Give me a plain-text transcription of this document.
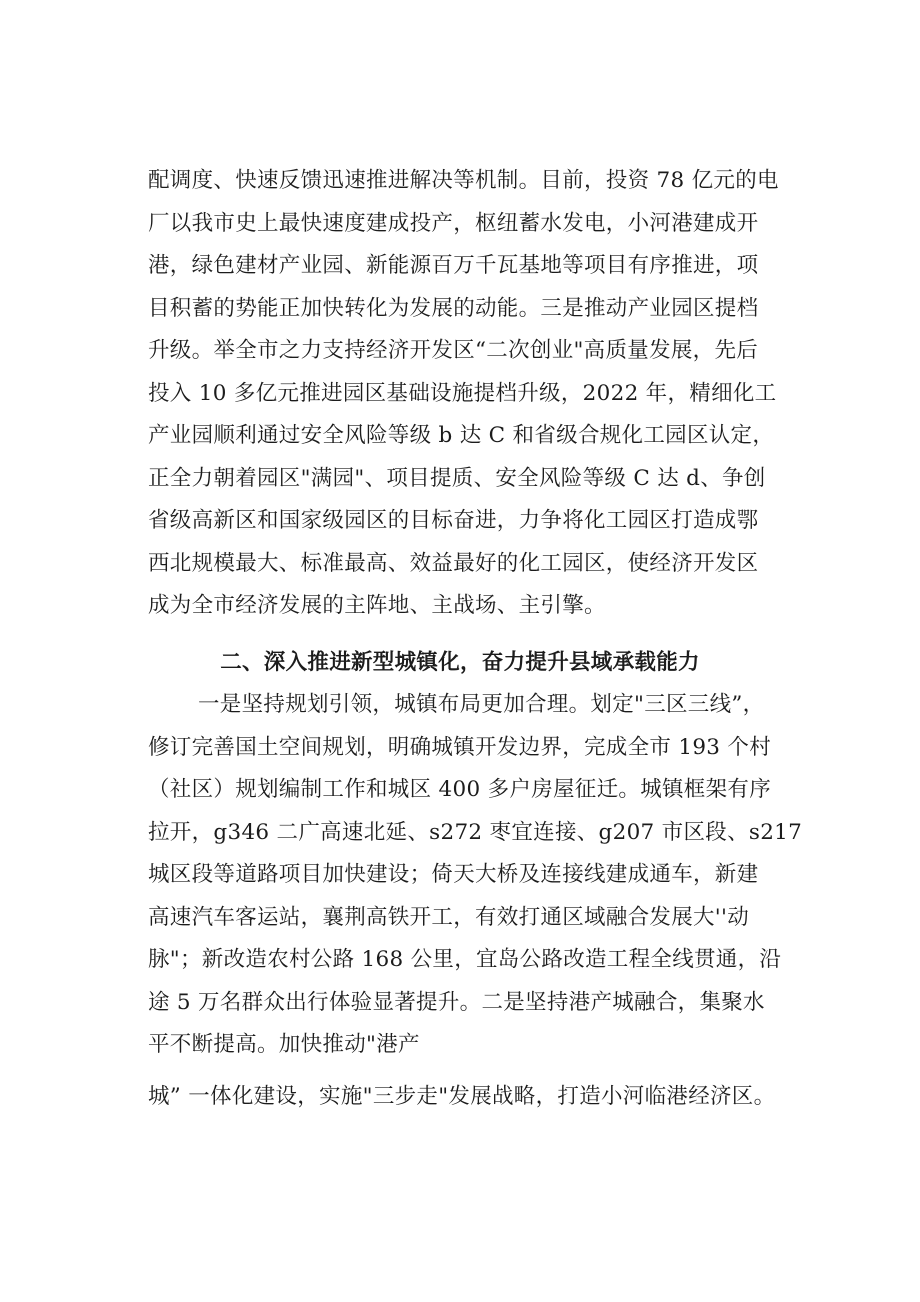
配调度、快速反馈迅速推进解决等机制。目前，投资 78 亿元的电
厂以我市史上最快速度建成投产，枢纽蓄水发电，小河港建成开
港，绿色建材产业园、新能源百万千瓦基地等项目有序推进，项
目积蓄的势能正加快转化为发展的动能。三是推动产业园区提档
升级。举全市之力支持经济开发区“二次创业"高质量发展，先后
投入 10 多亿元推进园区基础设施提档升级，2022 年，精细化工
产业园顺利通过安全风险等级 b 达 C 和省级合规化工园区认定，
正全力朝着园区"满园"、项目提质、安全风险等级 C 达 d、争创
省级高新区和国家级园区的目标奋进，力争将化工园区打造成鄂
西北规模最大、标准最高、效益最好的化工园区，使经济开发区
成为全市经济发展的主阵地、主战场、主引擎。
二、深入推进新型城镇化，奋力提升县域承载能力
一是坚持规划引领，城镇布局更加合理。划定"三区三线”，
修订完善国土空间规划，明确城镇开发边界，完成全市 193 个村
（社区）规划编制工作和城区 400 多户房屋征迁。城镇框架有序
拉开，g346 二广高速北延、s272 枣宜连接、g207 市区段、s217
城区段等道路项目加快建设；倚天大桥及连接线建成通车，新建
高速汽车客运站，襄荆高铁开工，有效打通区域融合发展大''动
脉"；新改造农村公路 168 公里，宜岛公路改造工程全线贯通，沿
途 5 万名群众出行体验显著提升。二是坚持港产城融合，集聚水
平不断提高。加快推动"港产
城” 一体化建设，实施"三步走"发展战略，打造小河临港经济区。
